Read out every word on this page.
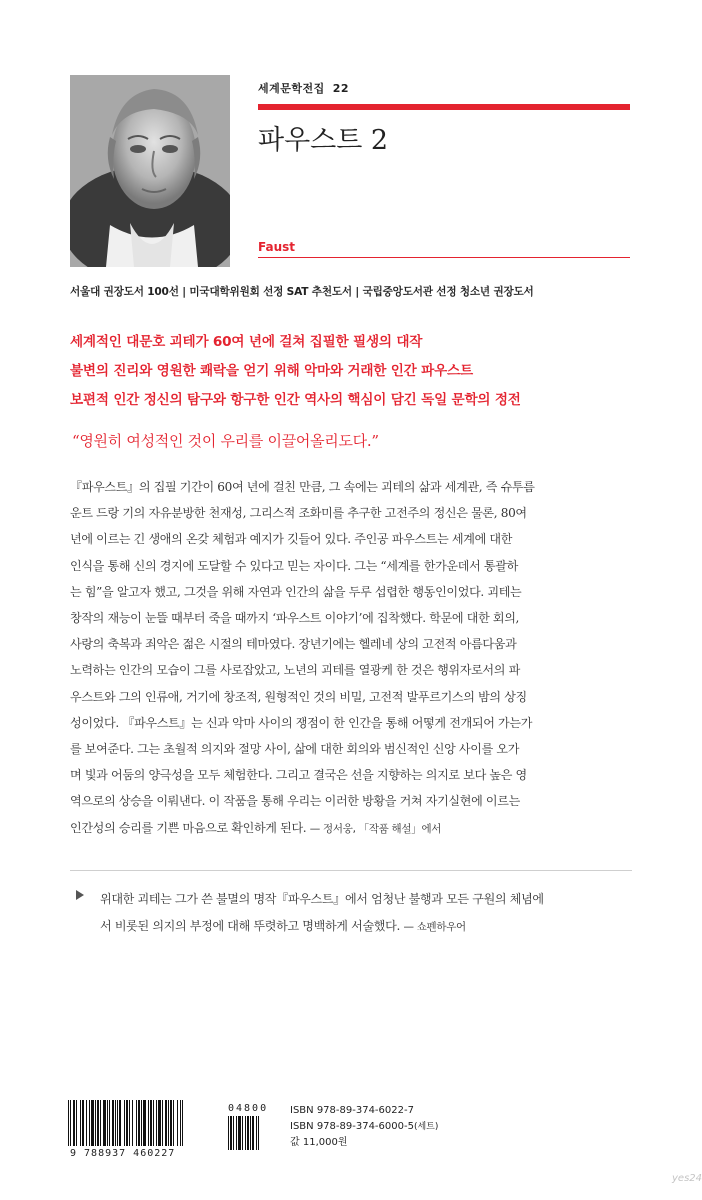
세계문학전집 22
파우스트 2
Faust
서울대 권장도서 100선 | 미국대학위원회 선정 SAT 추천도서 | 국립중앙도서관 선정 청소년 권장도서
세계적인 대문호 괴테가 60여 년에 걸쳐 집필한 필생의 대작
불변의 진리와 영원한 쾌락을 얻기 위해 악마와 거래한 인간 파우스트
보편적 인간 정신의 탐구와 항구한 인간 역사의 핵심이 담긴 독일 문학의 정전
“영원히 여성적인 것이 우리를 이끌어올리도다.”
『파우스트』의 집필 기간이 60여 년에 걸친 만큼, 그 속에는 괴테의 삶과 세계관, 즉 슈투름
운트 드랑 기의 자유분방한 천재성, 그리스적 조화미를 추구한 고전주의 정신은 물론, 80여
년에 이르는 긴 생애의 온갖 체험과 예지가 깃들어 있다. 주인공 파우스트는 세계에 대한
인식을 통해 신의 경지에 도달할 수 있다고 믿는 자이다. 그는 “세계를 한가운데서 통괄하
는 힘”을 알고자 했고, 그것을 위해 자연과 인간의 삶을 두루 섭렵한 행동인이었다. 괴테는
창작의 재능이 눈뜰 때부터 죽을 때까지 ‘파우스트 이야기’에 집착했다. 학문에 대한 회의,
사랑의 축복과 죄악은 젊은 시절의 테마였다. 장년기에는 헬레네 상의 고전적 아름다움과
노력하는 인간의 모습이 그를 사로잡았고, 노년의 괴테를 열광케 한 것은 행위자로서의 파
우스트와 그의 인류애, 거기에 창조적, 원형적인 것의 비밀, 고전적 발푸르기스의 밤의 상징
성이었다. 『파우스트』는 신과 악마 사이의 쟁점이 한 인간을 통해 어떻게 전개되어 가는가
를 보여준다. 그는 초월적 의지와 절망 사이, 삶에 대한 회의와 범신적인 신앙 사이를 오가
며 빛과 어둠의 양극성을 모두 체험한다. 그리고 결국은 선을 지향하는 의지로 보다 높은 영
역으로의 상승을 이뤄낸다. 이 작품을 통해 우리는 이러한 방황을 거쳐 자기실현에 이르는
인간성의 승리를 기쁜 마음으로 확인하게 된다. — 정서웅, 「작품 해설」에서
위대한 괴테는 그가 쓴 불멸의 명작『파우스트』에서 엄청난 불행과 모든 구원의 체념에
서 비롯된 의지의 부정에 대해 뚜렷하고 명백하게 서술했다. — 쇼펜하우어
9 788937 460227
04800 ISBN 978-89-374-6022-7
ISBN 978-89-374-6000-5(세트)
값 11,000원
yes24
